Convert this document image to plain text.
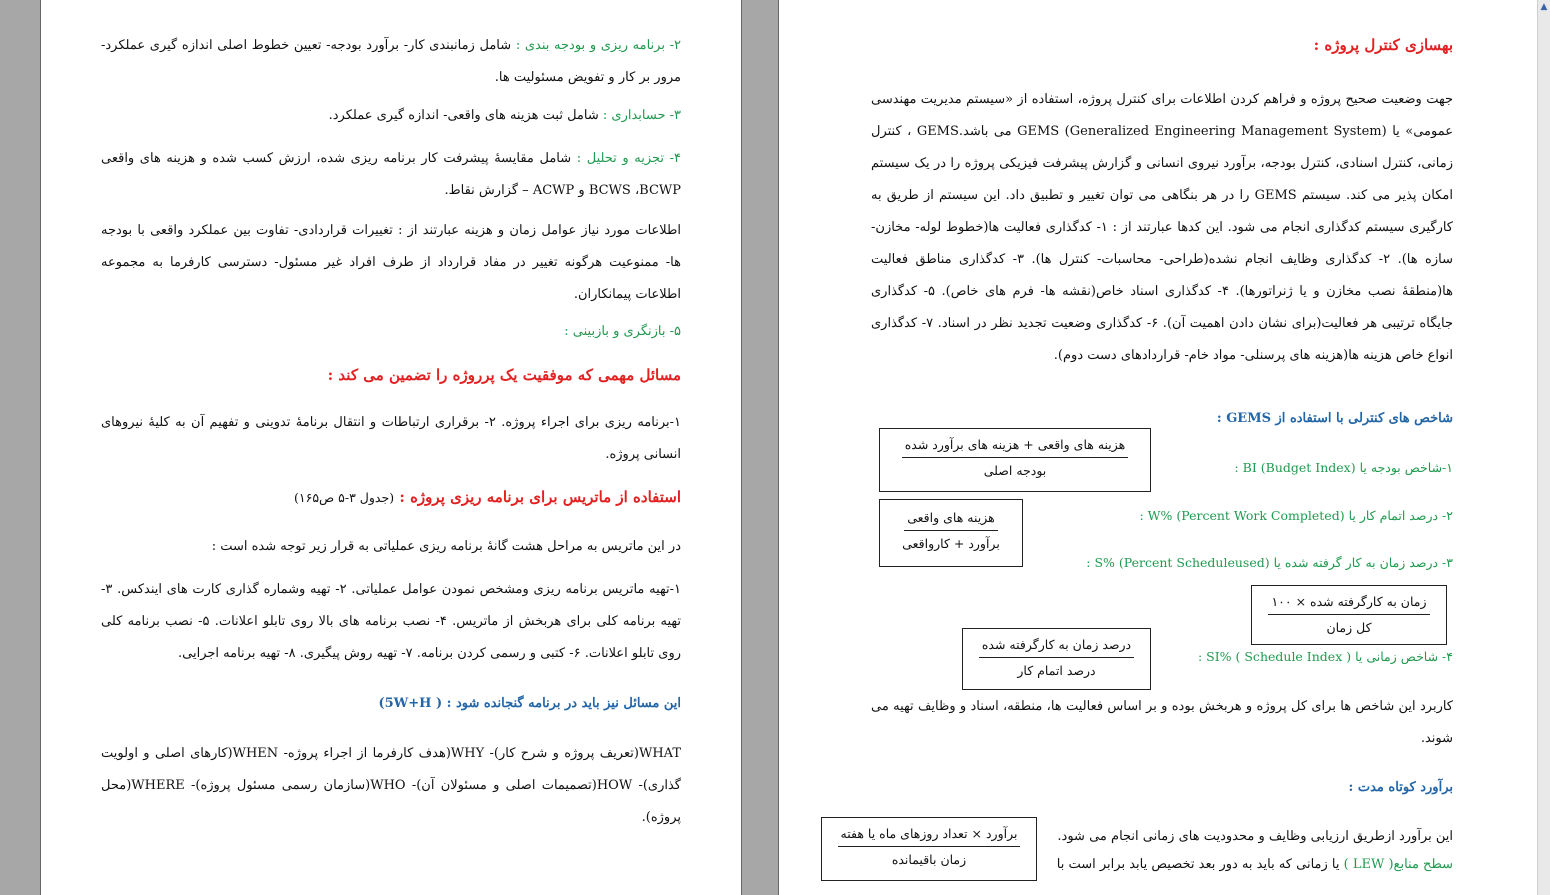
۲- برنامه ریزی و بودجه بندی : شامل زمانبندی کار- برآورد بودجه- تعیین خطوط اصلی اندازه گیری عملکرد- مرور بر کار و تفویض مسئولیت ها.

۳- حسابداری : شامل ثبت هزینه های واقعی- اندازه گیری عملکرد.

۴- تجزیه و تحلیل : شامل مقایسهٔ پیشرفت کار برنامه ریزی شده، ارزش کسب شده و هزینه های واقعی BCWS ،BCWP و ACWP – گزارش نقاط.

اطلاعات مورد نیاز عوامل زمان و هزینه عبارتند از : تغییرات قراردادی- تفاوت بین عملکرد واقعی با بودجه ها- ممنوعیت هرگونه تغییر در مفاد قرارداد از طرف افراد غیر مسئول- دسترسی کارفرما به مجموعه اطلاعات پیمانکاران.

۵- بازنگری و بازبینی :

مسائل مهمی که موفقیت یک پرروژه را تضمین می کند :

۱-برنامه ریزی برای اجراء پروژه. ۲- برقراری ارتباطات و انتقال برنامهٔ تدوینی و تفهیم آن به کلیهٔ نیروهای انسانی پروژه.

استفاده از ماتریس برای برنامه ریزی پروژه : (جدول ۳-۵ ص۱۶۵)

در این ماتریس به مراحل هشت گانهٔ برنامه ریزی عملیاتی به قرار زیر توجه شده است :

۱-تهیه ماتریس برنامه ریزی ومشخص نمودن عوامل عملیاتی. ۲- تهیه وشماره گذاری کارت های ایندکس. ۳- تهیه برنامه کلی برای هربخش از ماتریس. ۴- نصب برنامه های بالا روی تابلو اعلانات. ۵- نصب برنامه کلی روی تابلو اعلانات. ۶- کتبی و رسمی کردن برنامه. ۷- تهیه روش پیگیری. ۸- تهیه برنامه اجرایی.

این مسائل نیز باید در برنامه گنجانده شود : ( 5W+H)

WHAT(تعریف پروژه و شرح کار)- WHY(هدف کارفرما از اجراء پروژه- WHEN(کارهای اصلی و اولویت گذاری)- HOW(تصمیمات اصلی و مسئولان آن)- WHO(سازمان رسمی مسئول پروژه)- WHERE(محل پروژه).

بهسازی کنترل پروژه :

جهت وضعیت صحیح پروژه و فراهم کردن اطلاعات برای کنترل پروژه، استفاده از «سیستم مدیریت مهندسی عمومی» یا GEMS (Generalized Engineering Management System) می باشد.GEMS ، کنترل زمانی، کنترل اسنادی، کنترل بودجه، برآورد نیروی انسانی و گزارش پیشرفت فیزیکی پروژه را در یک سیستم امکان پذیر می کند. سیستم GEMS را در هر بنگاهی می توان تغییر و تطبیق داد. این سیستم از طریق به کارگیری سیستم کدگذاری انجام می شود. این کدها عبارتند از : ۱- کدگذاری فعالیت ها(خطوط لوله- مخازن- سازه ها). ۲- کدگذاری وظایف انجام نشده(طراحی- محاسبات- کنترل ها). ۳- کدگذاری مناطق فعالیت ها(منطقهٔ نصب مخازن و یا ژنراتورها). ۴- کدگذاری اسناد خاص(نقشه ها- فرم های خاص). ۵- کدگذاری جایگاه ترتیبی هر فعالیت(برای نشان دادن اهمیت آن). ۶- کدگذاری وضعیت تجدید نظر در اسناد. ۷- کدگذاری انواع خاص هزینه ها(هزینه های پرسنلی- مواد خام- قراردادهای دست دوم).

شاخص های کنترلی با استفاده از GEMS :
هزینه های واقعی + هزینه های برآورد شده
بودجه اصلی	۱-شاخص بودجه یا BI (Budget Index) :

هزینه های واقعی
برآورد + کارواقعی

۲- درصد اتمام کار یا W% (Percent Work Completed) :

۳- درصد زمان به کار گرفته شده یا S% (Percent Scheduleused) :

زمان به کارگرفته شده × ۱۰۰
کل زمان
درصد زمان به کارگرفته شده
درصد اتمام کار

۴- شاخص زمانی یا SI% ( Schedule Index ) :

کاربرد این شاخص ها برای کل پروژه و هربخش بوده و بر اساس فعالیت ها، منطقه، اسناد و وظایف تهیه می شوند.

برآورد کوتاه مدت :
برآورد × تعداد روزهای ماه یا هفته
زمان باقیمانده

این برآورد ازطریق ارزیابی وظایف و محدودیت های زمانی انجام می شود.

سطح منابع( LEW ) یا زمانی که باید به دور بعد تخصیص یابد برابر است با

▲
